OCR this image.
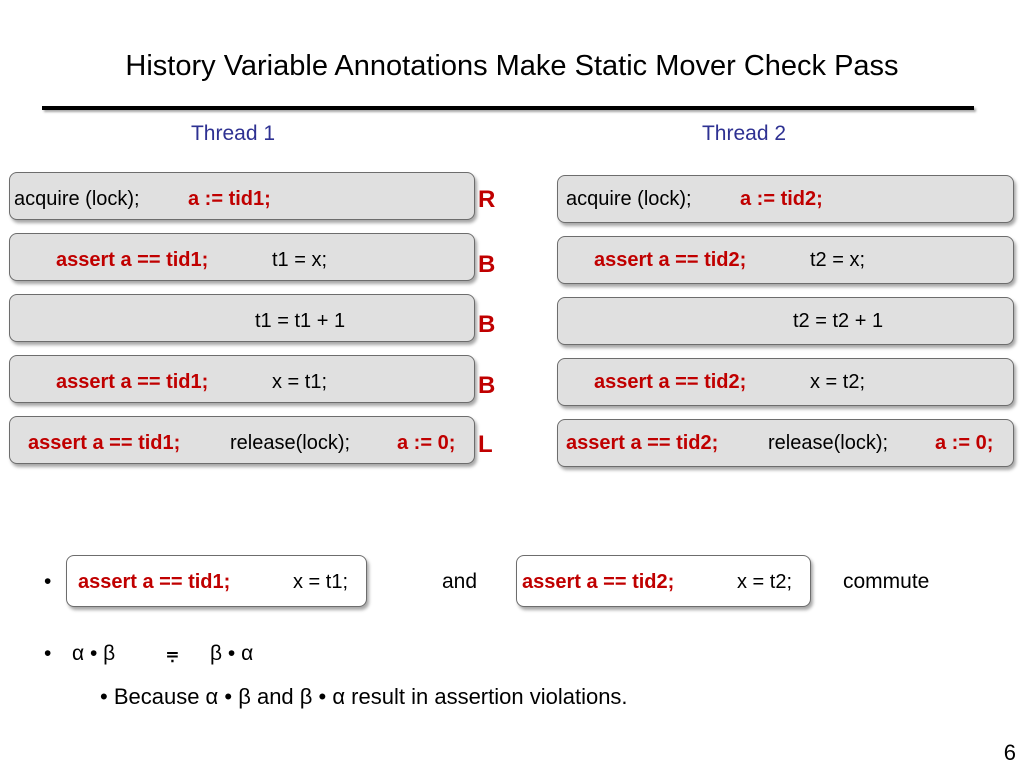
History Variable Annotations Make Static Mover Check Pass
Thread 1	Thread 2
acquire (lock); a := tid1;	R
assert a == tid1;	t1 = x;	B
t1 = t1 + 1	B
assert a == tid1;	x = t1;	B
assert a == tid1; release(lock); a := 0; L
acquire (lock); a := tid2;
assert a == tid2;	t2 = x;
t2 = t2 + 1
assert a == tid2;	x = t2;
assert a == tid2; release(lock); a := 0;
• assert a == tid1;	x = t1;	and assert a == tid2;	x = t2; commute
• α • β ⩦ β • α
• Because α • β and β • α result in assertion violations.
6
